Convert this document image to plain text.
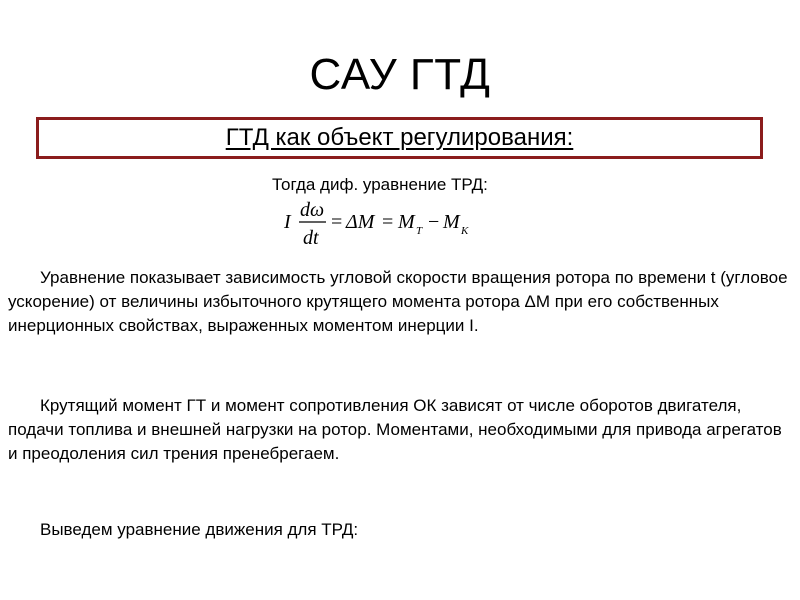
САУ ГТД
ГТД как объект регулирования:
Тогда диф. уравнение ТРД:
I
dω
dt
= ΔM = M T − M K

Уравнение показывает зависимость угловой скорости вращения ротора по времени t (угловое ускорение) от величины избыточного крутящего момента ротора ΔМ при его собственных инерционных свойствах, выраженных моментом инерции I.

Крутящий момент ГТ и момент сопротивления ОК зависят от числе оборотов двигателя, подачи топлива и внешней нагрузки на ротор. Моментами, необходимыми для привода агрегатов и преодоления сил трения пренебрегаем.

Выведем уравнение движения для ТРД:
